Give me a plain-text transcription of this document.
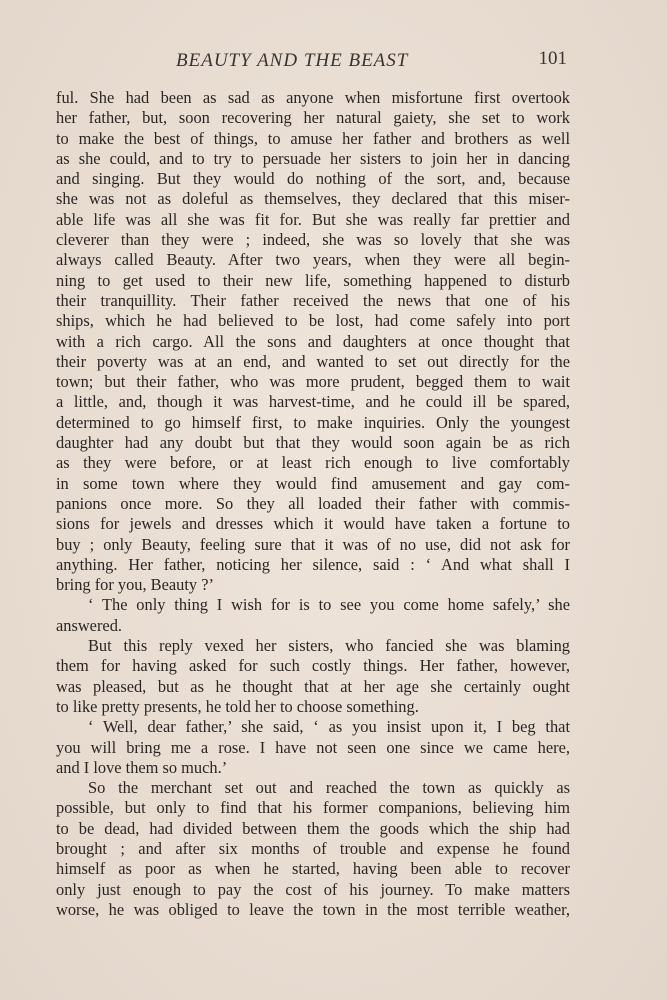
BEAUTY AND THE BEAST	101
ful. She had been as sad as anyone when misfortune first overtook
her father, but, soon recovering her natural gaiety, she set to work
to make the best of things, to amuse her father and brothers as well
as she could, and to try to persuade her sisters to join her in dancing
and singing. But they would do nothing of the sort, and, because
she was not as doleful as themselves, they declared that this miser-
able life was all she was fit for. But she was really far prettier and
cleverer than they were ; indeed, she was so lovely that she was
always called Beauty. After two years, when they were all begin-
ning to get used to their new life, something happened to disturb
their tranquillity. Their father received the news that one of his
ships, which he had believed to be lost, had come safely into port
with a rich cargo. All the sons and daughters at once thought that
their poverty was at an end, and wanted to set out directly for the
town; but their father, who was more prudent, begged them to wait
a little, and, though it was harvest-time, and he could ill be spared,
determined to go himself first, to make inquiries. Only the youngest
daughter had any doubt but that they would soon again be as rich
as they were before, or at least rich enough to live comfortably
in some town where they would find amusement and gay com-
panions once more. So they all loaded their father with commis-
sions for jewels and dresses which it would have taken a fortune to
buy ; only Beauty, feeling sure that it was of no use, did not ask for
anything. Her father, noticing her silence, said : ‘ And what shall I
bring for you, Beauty ?’
‘ The only thing I wish for is to see you come home safely,’ she
answered.
But this reply vexed her sisters, who fancied she was blaming
them for having asked for such costly things. Her father, however,
was pleased, but as he thought that at her age she certainly ought
to like pretty presents, he told her to choose something.
‘ Well, dear father,’ she said, ‘ as you insist upon it, I beg that
you will bring me a rose. I have not seen one since we came here,
and I love them so much.’
So the merchant set out and reached the town as quickly as
possible, but only to find that his former companions, believing him
to be dead, had divided between them the goods which the ship had
brought ; and after six months of trouble and expense he found
himself as poor as when he started, having been able to recover
only just enough to pay the cost of his journey. To make matters
worse, he was obliged to leave the town in the most terrible weather,
